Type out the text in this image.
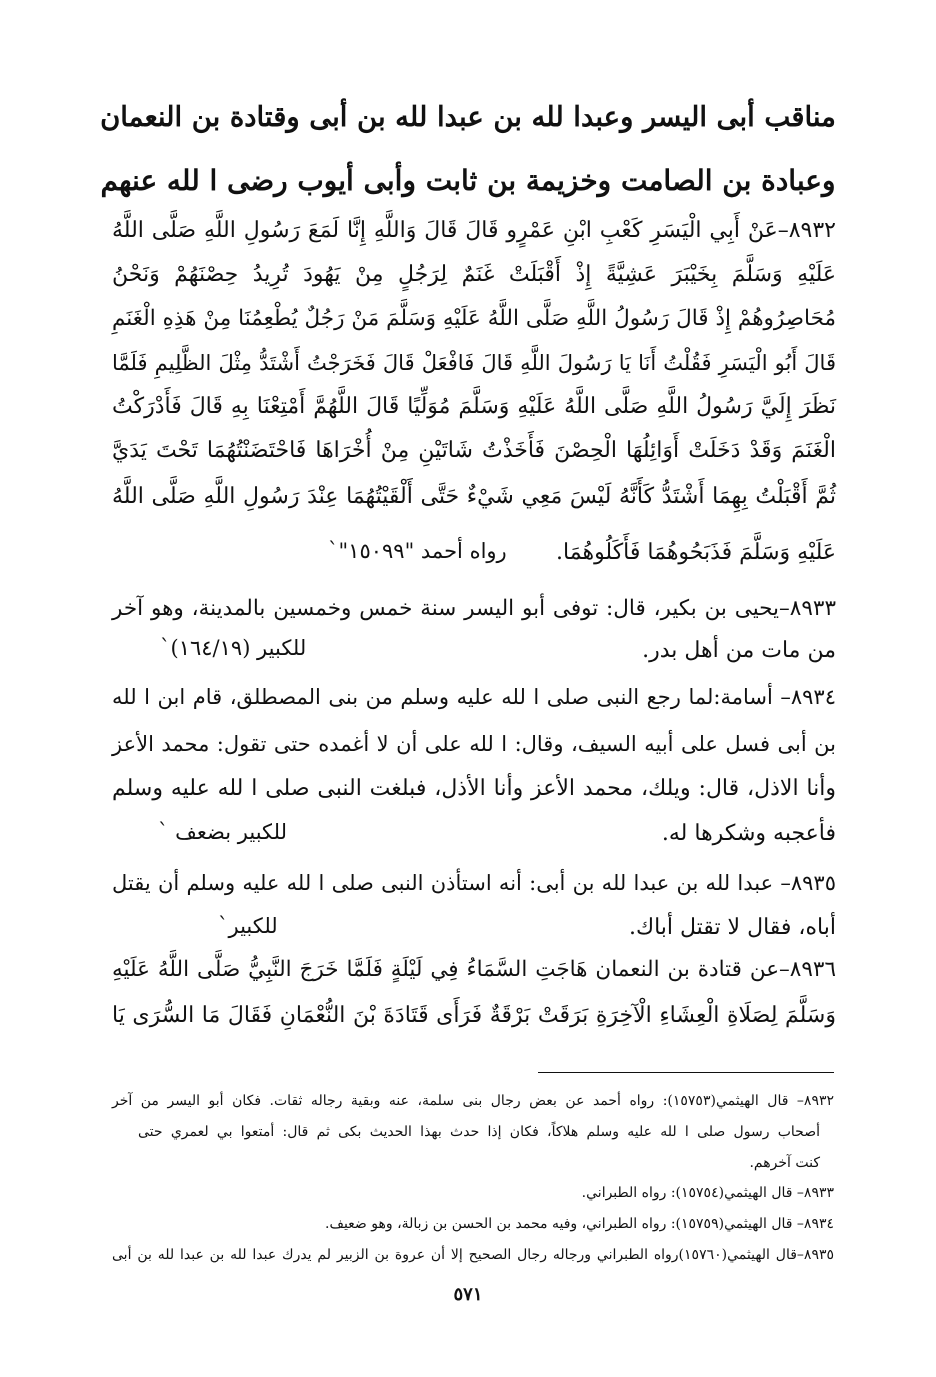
مناقب أبى اليسر وعبدا لله بن عبدا لله بن أبى وقتادة بن النعمان
وعبادة بن الصامت وخزيمة بن ثابت وأبى أيوب رضى ا لله عنهم
٨٩٣٢–عَنْ أَبِي الْيَسَرِ كَعْبِ ابْنِ عَمْرٍو قَالَ قَالَ وَاللَّهِ إِنَّا لَمَعَ رَسُولِ اللَّهِ صَلَّى اللَّهُ
عَلَيْهِ وَسَلَّمَ بِخَيْبَرَ عَشِيَّةً إِذْ أَقْبَلَتْ غَنَمٌ لِرَجُلٍ مِنْ يَهُودَ تُرِيدُ حِصْنَهُمْ وَنَحْنُ
مُحَاصِرُوهُمْ إِذْ قَالَ رَسُولُ اللَّهِ صَلَّى اللَّهُ عَلَيْهِ وَسَلَّمَ مَنْ رَجُلٌ يُطْعِمُنَا مِنْ هَذِهِ الْغَنَمِ
قَالَ أَبُو الْيَسَرِ فَقُلْتُ أَنَا يَا رَسُولَ اللَّهِ قَالَ فَافْعَلْ قَالَ فَخَرَجْتُ أَشْتَدُّ مِثْلَ الظَّلِيمِ فَلَمَّا
نَظَرَ إِلَيَّ رَسُولُ اللَّهِ صَلَّى اللَّهُ عَلَيْهِ وَسَلَّمَ مُوَلِّيًا قَالَ اللَّهُمَّ أَمْتِعْنَا بِهِ قَالَ فَأَدْرَكْتُ
الْغَنَمَ وَقَدْ دَخَلَتْ أَوَائِلُهَا الْحِصْنَ فَأَخَذْتُ شَاتَيْنِ مِنْ أُخْرَاهَا فَاحْتَضَنْتُهُمَا تَحْتَ يَدَيَّ
ثُمَّ أَقْبَلْتُ بِهِمَا أَشْتَدُّ كَأَنَّهُ لَيْسَ مَعِي شَيْءٌ حَتَّى أَلْقَيْتُهُمَا عِنْدَ رَسُولِ اللَّهِ صَلَّى اللَّهُ
عَلَيْهِ وَسَلَّمَ فَذَبَحُوهُمَا فَأَكَلُوهُمَا.
رواه أحمد "١٥٠٩٩"`
٨٩٣٣–يحيى بن بكير، قال: توفى أبو اليسر سنة خمس وخمسين بالمدينة، وهو آخر
من مات من أهل بدر.
للكبير (١٦٤/١٩)`
٨٩٣٤– أسامة:لما رجع النبى صلى ا لله عليه وسلم من بنى المصطلق، قام ابن ا لله
بن أبى فسل على أبيه السيف، وقال: ا لله على أن لا أغمده حتى تقول: محمد الأعز
وأنا الاذل، قال: ويلك، محمد الأعز وأنا الأذل، فبلغت النبى صلى ا لله عليه وسلم
فأعجبه وشكرها له.
للكبير بضعف `
٨٩٣٥– عبدا لله بن عبدا لله بن أبى: أنه استأذن النبى صلى ا لله عليه وسلم أن يقتل
أباه، فقال لا تقتل أباك.
للكبير`
٨٩٣٦–عن قتادة بن النعمان هَاجَتِ السَّمَاءُ فِي لَيْلَةٍ فَلَمَّا خَرَجَ النَّبِيُّ صَلَّى اللَّهُ عَلَيْهِ
وَسَلَّمَ لِصَلَاةِ الْعِشَاءِ الْآخِرَةِ بَرَقَتْ بَرْقَةٌ فَرَأَى قَتَادَةَ بْنَ النُّعْمَانِ فَقَالَ مَا السُّرَى يَا
٨٩٣٢– قال الهيثمي(١٥٧٥٣): رواه أحمد عن بعض رجال بنى سلمة، عنه وبقية رجاله ثقات. فكان أبو اليسر من آخر
أصحاب رسول صلى ا لله عليه وسلم هلاكاً، فكان إذا حدث بهذا الحديث بكى ثم قال: أمتعوا بي لعمري حتى
كنت آخرهم.
٨٩٣٣– قال الهيثمي(١٥٧٥٤): رواه الطبراني.
٨٩٣٤– قال الهيثمي(١٥٧٥٩): رواه الطبراني، وفيه محمد بن الحسن بن زبالة، وهو ضعيف.
٨٩٣٥–قال الهيثمي(١٥٧٦٠)رواه الطبراني ورجاله رجال الصحيح إلا أن عروة بن الزبير لم يدرك عبدا لله بن عبدا لله بن أبى
٥٧١
